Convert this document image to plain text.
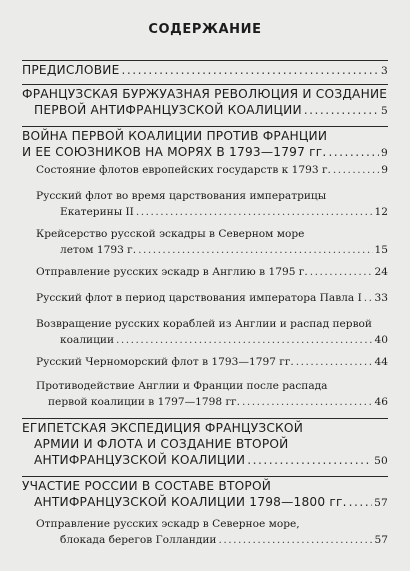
СОДЕРЖАНИЕ
ПРЕДИСЛОВИЕ .....	3
ФРАНЦУЗСКАЯ БУРЖУАЗНАЯ РЕВОЛЮЦИЯ И СОЗДАНИЕ
ПЕРВОЙ АНТИФРАНЦУЗСКОЙ КОАЛИЦИИ .....	5
ВОЙНА ПЕРВОЙ КОАЛИЦИИ ПРОТИВ ФРАНЦИИ
И ЕЕ СОЮЗНИКОВ НА МОРЯХ В 1793—1797 гг. .....	9
Состояние флотов европейских государств к 1793 г. .....	9
Русский флот во время царствования императрицы
Екатерины II .....	12
Крейсерство русской эскадры в Северном море
летом 1793 г. .....	15
Отправление русских эскадр в Англию в 1795 г. .....	24
Русский флот в период царствования императора Павла I ..... 33
Возвращение русских кораблей из Англии и распад первой
коалиции .....	40
Русский Черноморский флот в 1793—1797 гг. .....	44
Противодействие Англии и Франции после распада
первой коалиции в 1797—1798 гг. .....	46
ЕГИПЕТСКАЯ ЭКСПЕДИЦИЯ ФРАНЦУЗСКОЙ
АРМИИ И ФЛОТА И СОЗДАНИЕ ВТОРОЙ
АНТИФРАНЦУЗСКОЙ КОАЛИЦИИ .....	50
УЧАСТИЕ РОССИИ В СОСТАВЕ ВТОРОЙ
АНТИФРАНЦУЗСКОЙ КОАЛИЦИИ 1798—1800 гг. .....	57
Отправление русских эскадр в Северное море,
блокада берегов Голландии .....	57
